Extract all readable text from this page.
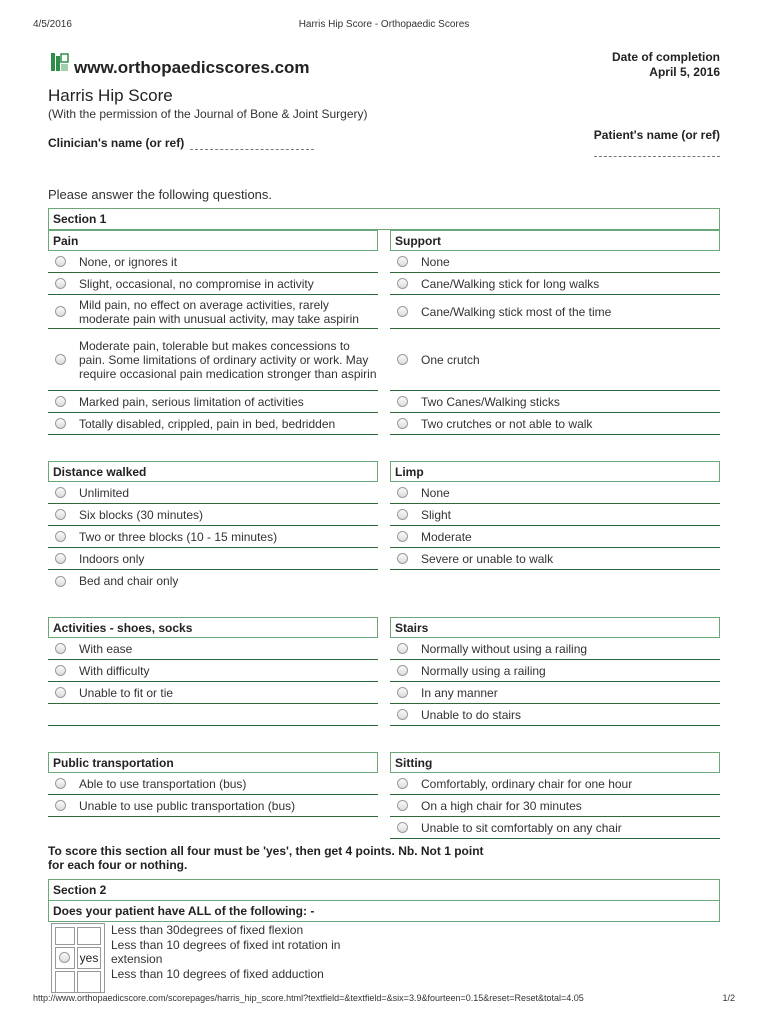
4/5/2016	Harris Hip Score - Orthopaedic Scores
www.orthopaedicscores.com
Date of completion
April 5, 2016
Harris Hip Score
(With the permission of the Journal of Bone & Joint Surgery)
Clinician's name (or ref)
Patient's name (or ref)
Please answer the following questions.
Section 1
Pain
None, or ignores it
Slight, occasional, no compromise in activity
Mild pain, no effect on average activities, rarely moderate pain with unusual activity, may take aspirin
Moderate pain, tolerable but makes concessions to pain. Some limitations of ordinary activity or work. May require occasional pain medication stronger than aspirin
Marked pain, serious limitation of activities
Totally disabled, crippled, pain in bed, bedridden
Support
None
Cane/Walking stick for long walks
Cane/Walking stick most of the time
One crutch
Two Canes/Walking sticks
Two crutches or not able to walk
Distance walked
Unlimited
Six blocks (30 minutes)
Two or three blocks (10 - 15 minutes)
Indoors only
Bed and chair only
Limp
None
Slight
Moderate
Severe or unable to walk
Activities - shoes, socks
With ease
With difficulty
Unable to fit or tie
Stairs
Normally without using a railing
Normally using a railing
In any manner
Unable to do stairs
Public transportation
Able to use transportation (bus)
Unable to use public transportation (bus)
Sitting
Comfortably, ordinary chair for one hour
On a high chair for 30 minutes
Unable to sit comfortably on any chair
To score this section all four must be 'yes', then get 4 points. Nb. Not 1 point for each four or nothing.
Section 2
Does your patient have ALL of the following: -
yes
Less than 30degrees of fixed flexion
Less than 10 degrees of fixed int rotation in extension
Less than 10 degrees of fixed adduction
http://www.orthopaedicscore.com/scorepages/harris_hip_score.html?textfield=&textfield=&six=3.9&fourteen=0.15&reset=Reset&total=4.05	1/2
